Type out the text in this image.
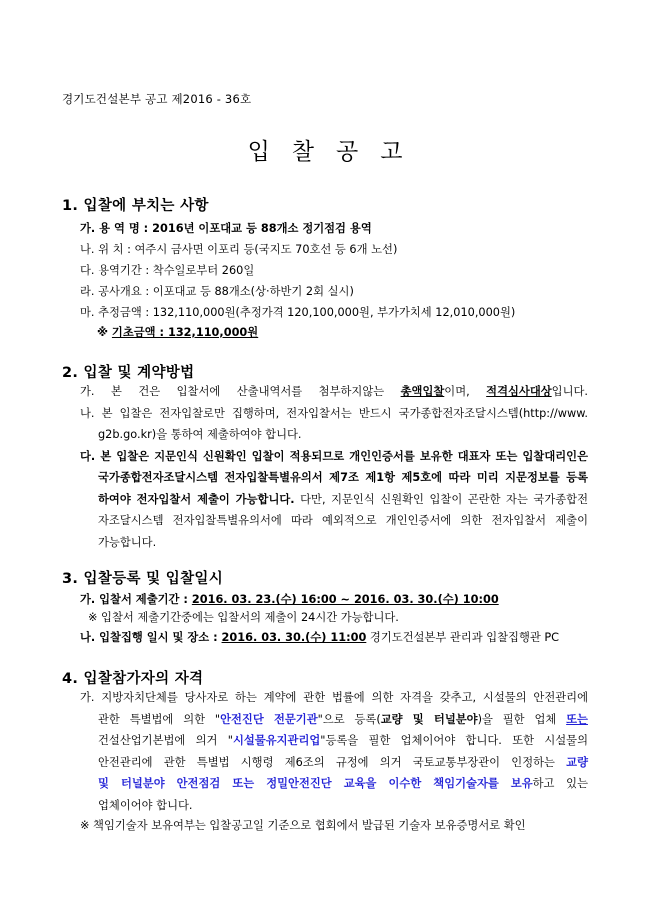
경기도건설본부 공고 제2016 - 36호
입찰공고
1. 입찰에 부치는 사항
가. 용 역 명 : 2016년 이포대교 등 88개소 정기점검 용역
나. 위 치 : 여주시 금사면 이포리 등(국지도 70호선 등 6개 노선)
다. 용역기간 : 착수일로부터 260일
라. 공사개요 : 이포대교 등 88개소(상·하반기 2회 실시)
마. 추정금액 : 132,110,000원(추정가격 120,100,000원, 부가가치세 12,010,000원)
※ 기초금액 : 132,110,000원
2. 입찰 및 계약방법
가. 본 건은 입찰서에 산출내역서를 첨부하지않는 총액입찰이며, 적격심사대상입니다.
나. 본 입찰은 전자입찰로만 집행하며, 전자입찰서는 반드시 국가종합전자조달시스템(http://www.
g2b.go.kr)을 통하여 제출하여야 합니다.
다. 본 입찰은 지문인식 신원확인 입찰이 적용되므로 개인인증서를 보유한 대표자 또는 입찰대리인은
국가종합전자조달시스템 전자입찰특별유의서 제7조 제1항 제5호에 따라 미리 지문정보를 등록
하여야 전자입찰서 제출이 가능합니다. 다만, 지문인식 신원확인 입찰이 곤란한 자는 국가종합전
자조달시스템 전자입찰특별유의서에 따라 예외적으로 개인인증서에 의한 전자입찰서 제출이
가능합니다.
3. 입찰등록 및 입찰일시
가. 입찰서 제출기간 : 2016. 03. 23.(수) 16:00 ~ 2016. 03. 30.(수) 10:00
※ 입찰서 제출기간중에는 입찰서의 제출이 24시간 가능합니다.
나. 입찰집행 일시 및 장소 : 2016. 03. 30.(수) 11:00 경기도건설본부 관리과 입찰집행관 PC
4. 입찰참가자의 자격
가. 지방자치단체를 당사자로 하는 계약에 관한 법률에 의한 자격을 갖추고, 시설물의 안전관리에
관한 특별법에 의한 "안전진단 전문기관"으로 등록(교량 및 터널분야)을 필한 업체 또는
건설산업기본법에 의거 "시설물유지관리업"등록을 필한 업체이어야 합니다. 또한 시설물의
안전관리에 관한 특별법 시행령 제6조의 규정에 의거 국토교통부장관이 인정하는 교량
및 터널분야 안전점검 또는 정밀안전진단 교육을 이수한 책임기술자를 보유하고 있는
업체이어야 합니다.
※ 책임기술자 보유여부는 입찰공고일 기준으로 협회에서 발급된 기술자 보유증명서로 확인
